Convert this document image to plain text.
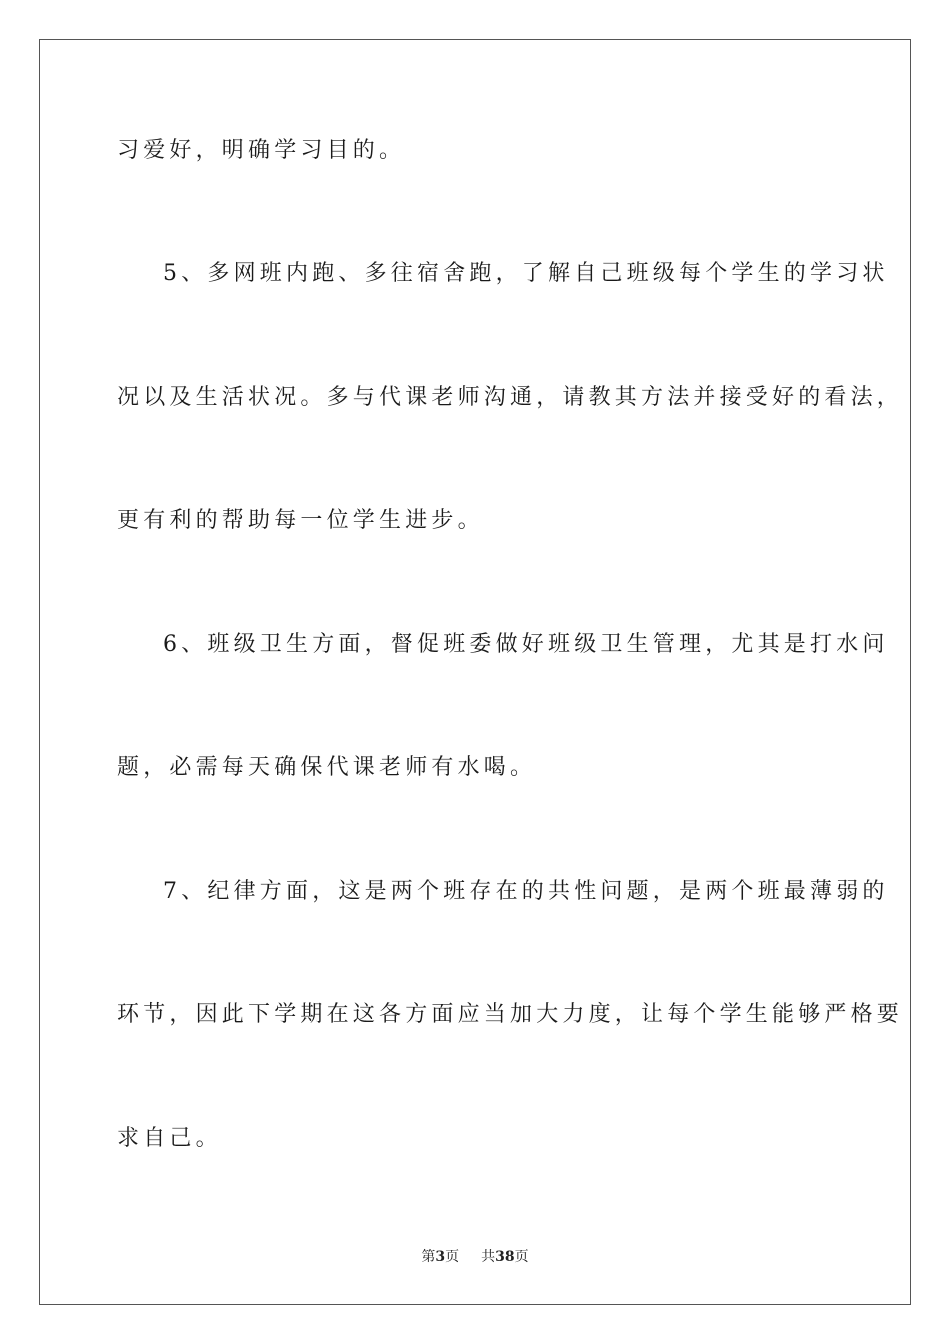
习爱好，明确学习目的。
5、多网班内跑、多往宿舍跑，了解自己班级每个学生的学习状
况以及生活状况。多与代课老师沟通，请教其方法并接受好的看法，
更有利的帮助每一位学生进步。
6、班级卫生方面，督促班委做好班级卫生管理，尤其是打水问
题，必需每天确保代课老师有水喝。
7、纪律方面，这是两个班存在的共性问题，是两个班最薄弱的
环节，因此下学期在这各方面应当加大力度，让每个学生能够严格要
求自己。
第3页 共38页
